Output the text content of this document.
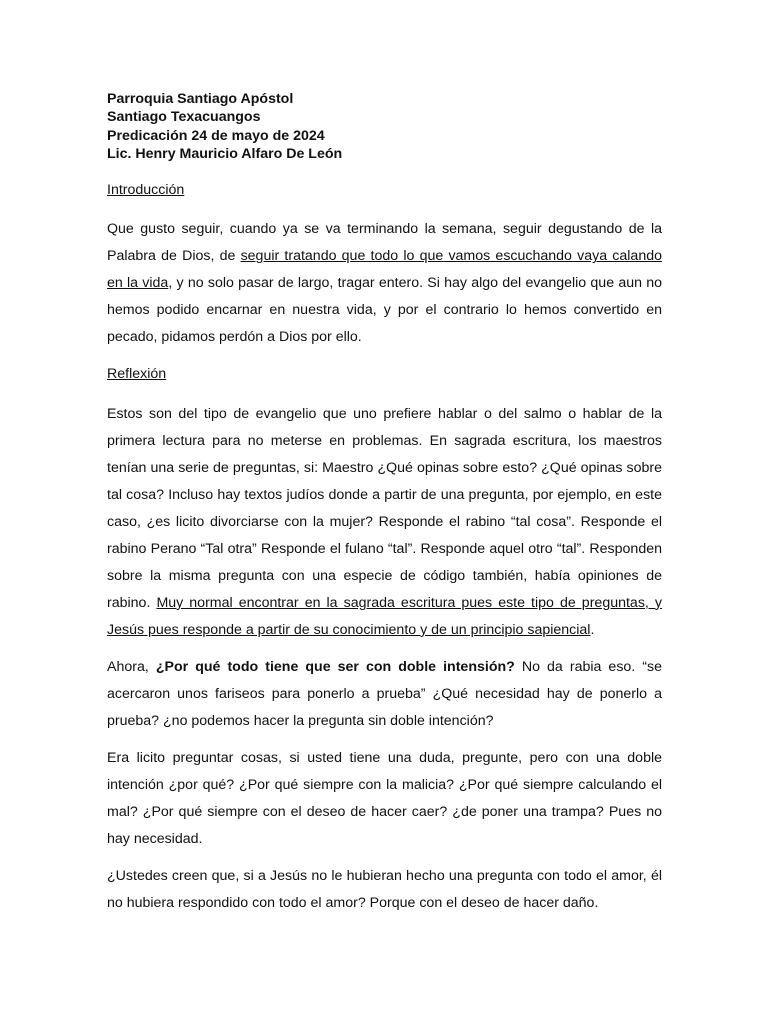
Parroquia Santiago Apóstol
Santiago Texacuangos
Predicación 24 de mayo de 2024
Lic. Henry Mauricio Alfaro De León

Introducción

Que gusto seguir, cuando ya se va terminando la semana, seguir degustando de la Palabra de Dios, de seguir tratando que todo lo que vamos escuchando vaya calando en la vida, y no solo pasar de largo, tragar entero. Si hay algo del evangelio que aun no hemos podido encarnar en nuestra vida, y por el contrario lo hemos convertido en pecado, pidamos perdón a Dios por ello.

Reflexión

Estos son del tipo de evangelio que uno prefiere hablar o del salmo o hablar de la primera lectura para no meterse en problemas. En sagrada escritura, los maestros tenían una serie de preguntas, si: Maestro ¿Qué opinas sobre esto? ¿Qué opinas sobre tal cosa? Incluso hay textos judíos donde a partir de una pregunta, por ejemplo, en este caso, ¿es licito divorciarse con la mujer? Responde el rabino “tal cosa”. Responde el rabino Perano “Tal otra” Responde el fulano “tal”. Responde aquel otro “tal”. Responden sobre la misma pregunta con una especie de código también, había opiniones de rabino. Muy normal encontrar en la sagrada escritura pues este tipo de preguntas, y Jesús pues responde a partir de su conocimiento y de un principio sapiencial.

Ahora, ¿Por qué todo tiene que ser con doble intensión? No da rabia eso. “se acercaron unos fariseos para ponerlo a prueba” ¿Qué necesidad hay de ponerlo a prueba? ¿no podemos hacer la pregunta sin doble intención?

Era licito preguntar cosas, si usted tiene una duda, pregunte, pero con una doble intención ¿por qué? ¿Por qué siempre con la malicia? ¿Por qué siempre calculando el mal? ¿Por qué siempre con el deseo de hacer caer? ¿de poner una trampa? Pues no hay necesidad.

¿Ustedes creen que, si a Jesús no le hubieran hecho una pregunta con todo el amor, él no hubiera respondido con todo el amor? Porque con el deseo de hacer daño.
